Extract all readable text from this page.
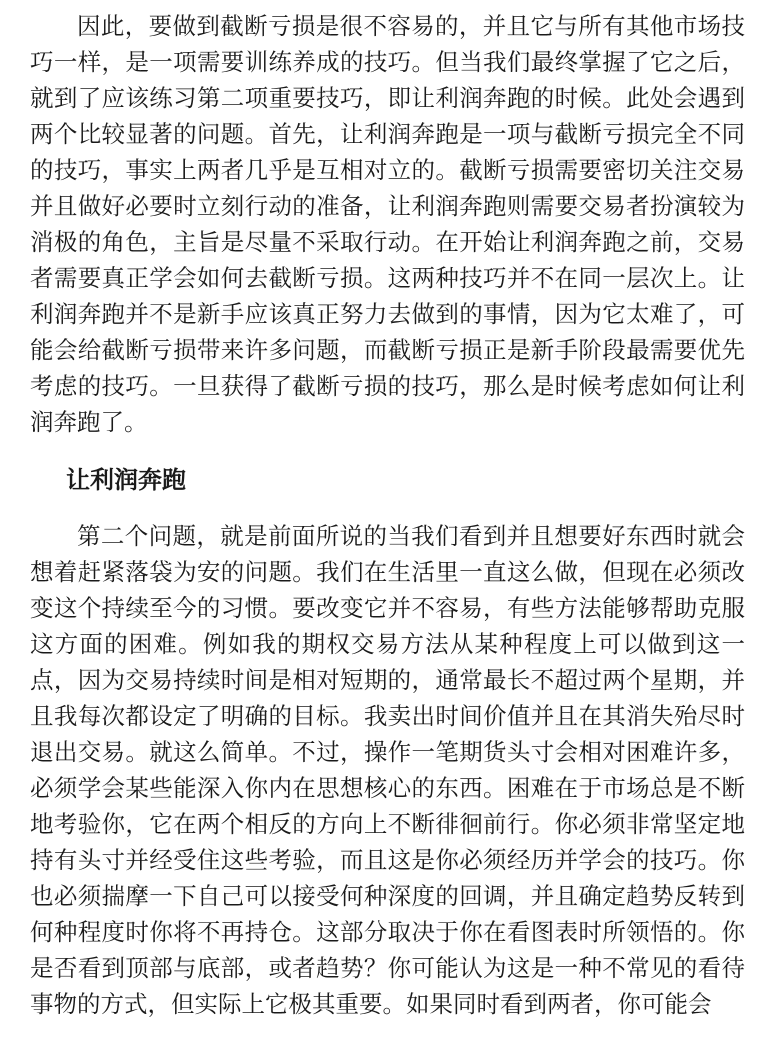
因此，要做到截断亏损是很不容易的，并且它与所有其他市场技巧一样，是一项需要训练养成的技巧。但当我们最终掌握了它之后，就到了应该练习第二项重要技巧，即让利润奔跑的时候。此处会遇到两个比较显著的问题。首先，让利润奔跑是一项与截断亏损完全不同的技巧，事实上两者几乎是互相对立的。截断亏损需要密切关注交易并且做好必要时立刻行动的准备，让利润奔跑则需要交易者扮演较为消极的角色，主旨是尽量不采取行动。在开始让利润奔跑之前，交易者需要真正学会如何去截断亏损。这两种技巧并不在同一层次上。让利润奔跑并不是新手应该真正努力去做到的事情，因为它太难了，可能会给截断亏损带来许多问题，而截断亏损正是新手阶段最需要优先考虑的技巧。一旦获得了截断亏损的技巧，那么是时候考虑如何让利润奔跑了。

让利润奔跑

第二个问题，就是前面所说的当我们看到并且想要好东西时就会想着赶紧落袋为安的问题。我们在生活里一直这么做，但现在必须改变这个持续至今的习惯。要改变它并不容易，有些方法能够帮助克服这方面的困难。例如我的期权交易方法从某种程度上可以做到这一点，因为交易持续时间是相对短期的，通常最长不超过两个星期，并且我每次都设定了明确的目标。我卖出时间价值并且在其消失殆尽时退出交易。就这么简单。不过，操作一笔期货头寸会相对困难许多，必须学会某些能深入你内在思想核心的东西。困难在于市场总是不断地考验你，它在两个相反的方向上不断徘徊前行。你必须非常坚定地持有头寸并经受住这些考验，而且这是你必须经历并学会的技巧。你也必须揣摩一下自己可以接受何种深度的回调，并且确定趋势反转到何种程度时你将不再持仓。这部分取决于你在看图表时所领悟的。你是否看到顶部与底部，或者趋势？你可能认为这是一种不常见的看待事物的方式，但实际上它极其重要。如果同时看到两者，你可能会
